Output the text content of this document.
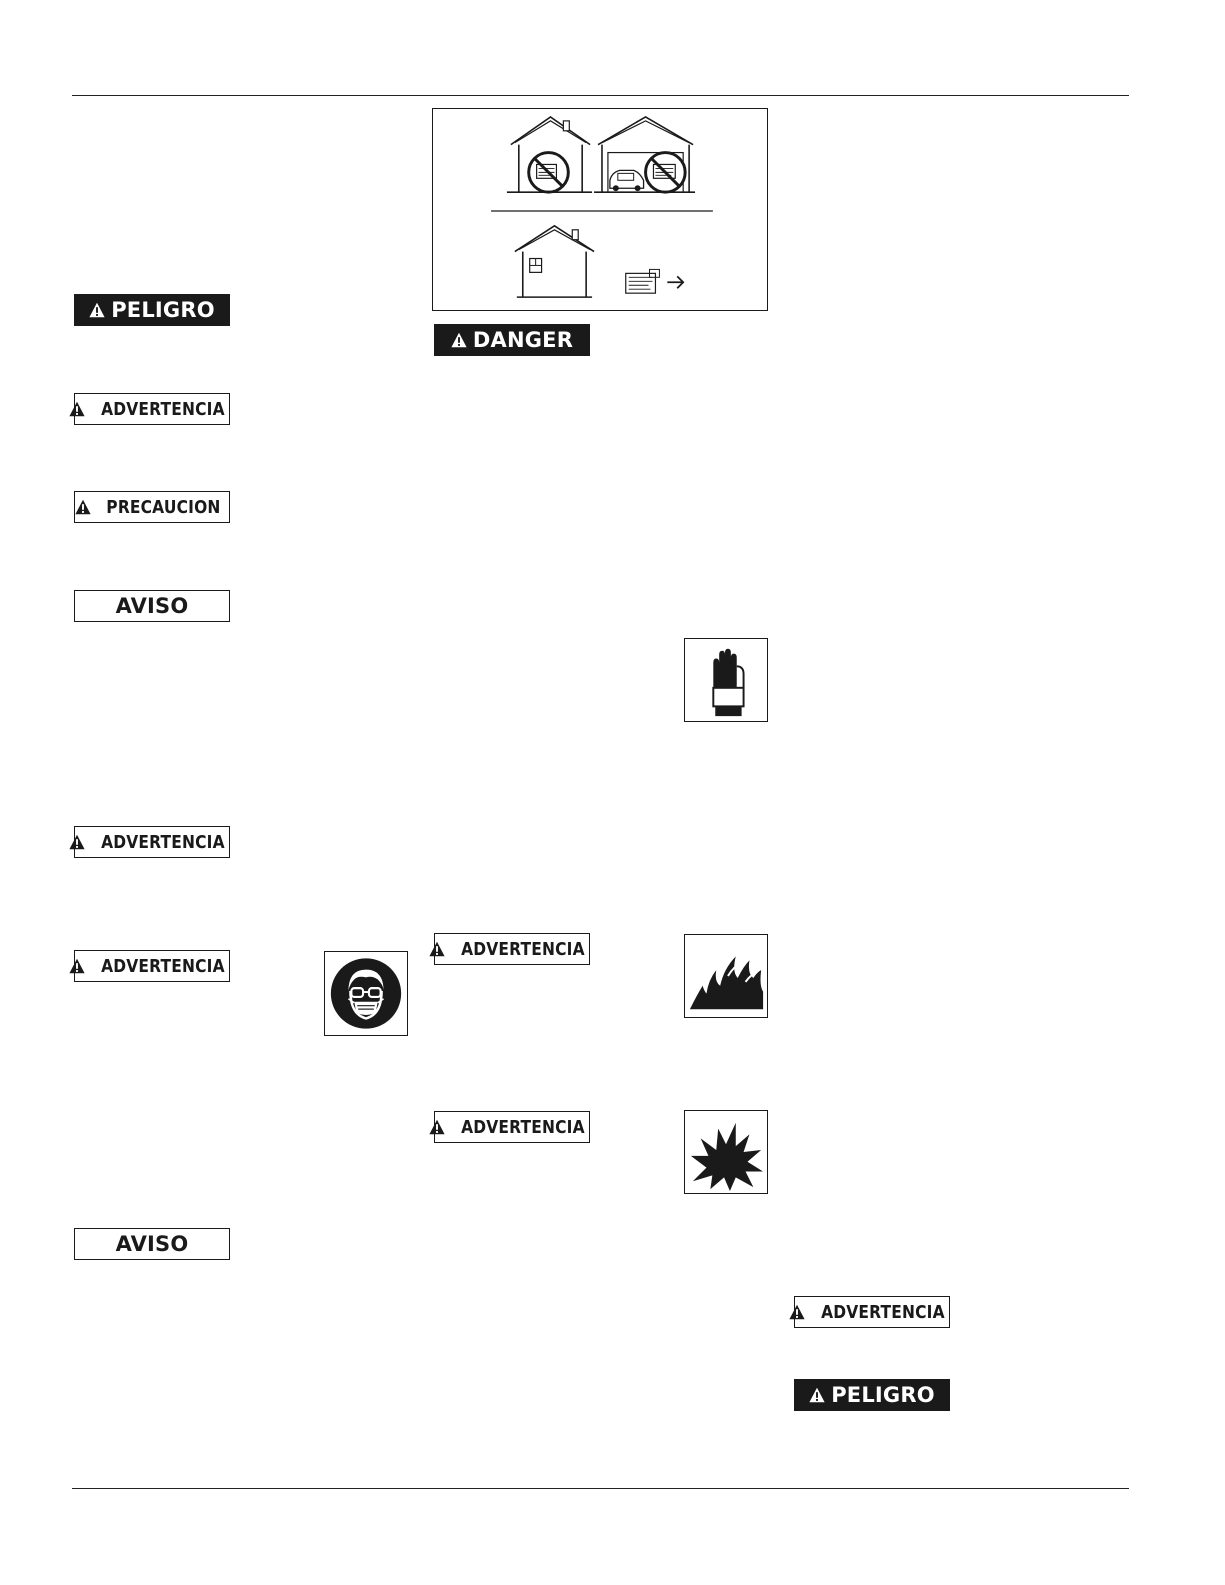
PELIGRO
ADVERTENCIA
PRECAUCION
AVISO
ADVERTENCIA
ADVERTENCIA
AVISO
DANGER
ADVERTENCIA
ADVERTENCIA
ADVERTENCIA
PELIGRO
